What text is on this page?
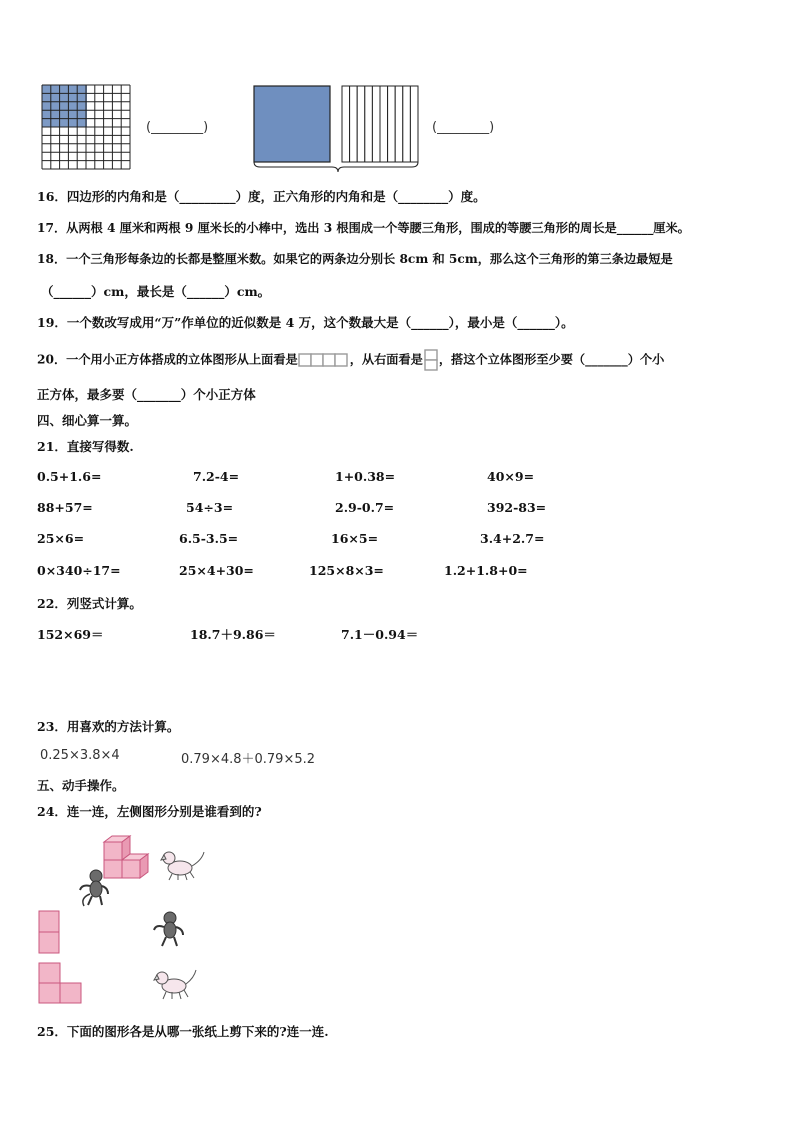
(________)	(________)
16．四边形的内角和是（_________）度，正六角形的内角和是（________）度。
17．从两根 4 厘米和两根 9 厘米长的小棒中，选出 3 根围成一个等腰三角形，围成的等腰三角形的周长是______厘米。
18．一个三角形每条边的长都是整厘米数。如果它的两条边分别长 8cm 和 5cm，那么这个三角形的第三条边最短是
（______）cm，最长是（______）cm。
19．一个数改写成用“万”作单位的近似数是 4 万，这个数最大是（______），最小是（______）。
20．一个用小正方体搭成的立体图形从上面看是	，从右面看是 ，搭这个立体图形至少要（_______）个小
正方体，最多要（_______）个小正方体
四、细心算一算。
21．直接写得数.
0.5+1.6=	7.2-4=	1+0.38=	40×9=
88+57=	54÷3=	2.9-0.7=	392-83=
25×6=	6.5-3.5=	16×5=	3.4+2.7=
0×340÷17=	25×4+30=	125×8×3=	1.2+1.8+0=
22．列竖式计算。
152×69＝	18.7＋9.86＝	7.1－0.94＝
23．用喜欢的方法计算。
0.25×3.8×4	0.79×4.8＋0.79×5.2
五、动手操作。
24．连一连，左侧图形分别是谁看到的?
25．下面的图形各是从哪一张纸上剪下来的?连一连.
